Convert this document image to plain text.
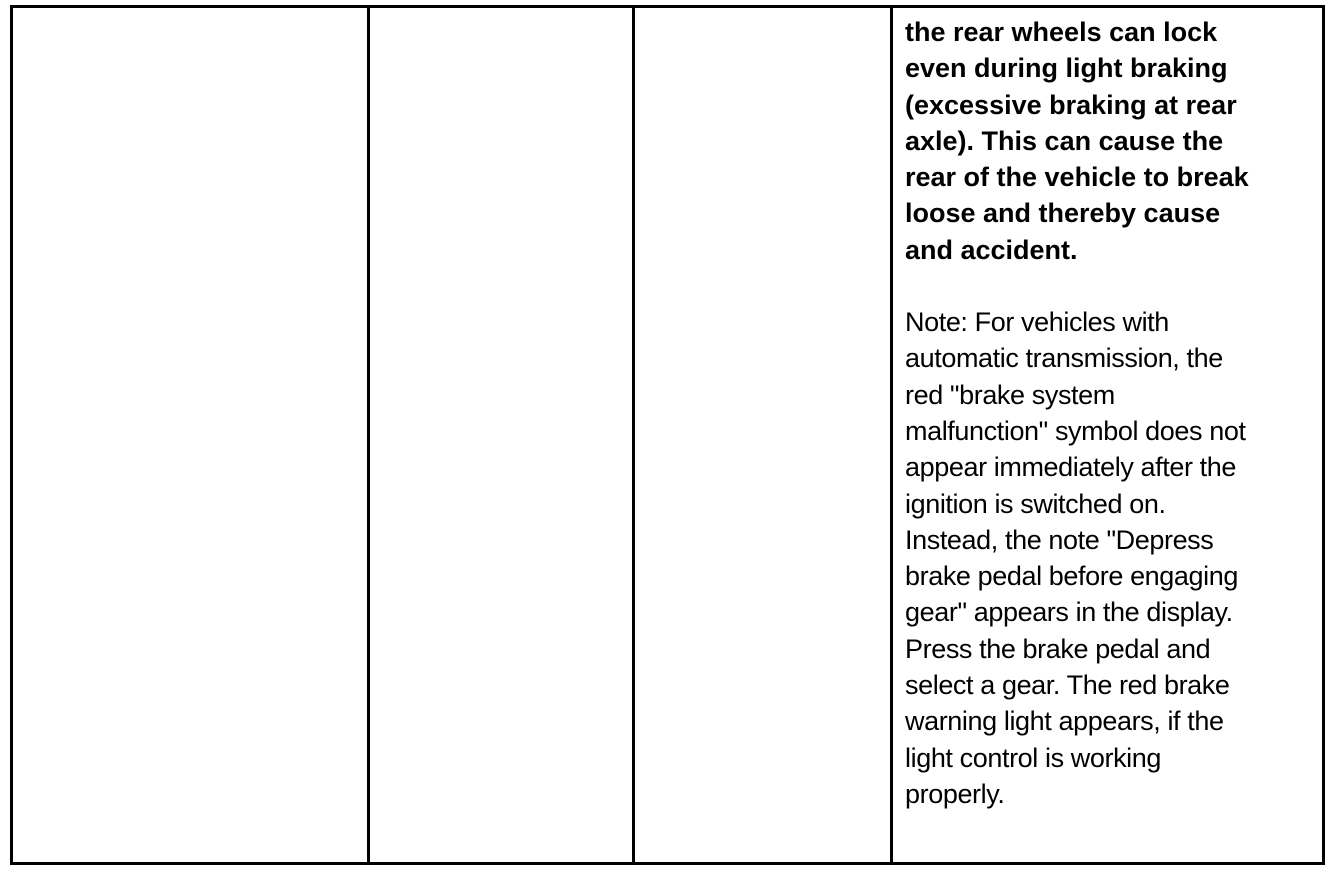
the rear wheels can lock
even during light braking
(excessive braking at rear
axle). This can cause the
rear of the vehicle to break
loose and thereby cause
and accident.

Note: For vehicles with
automatic transmission, the
red "brake system
malfunction" symbol does not
appear immediately after the
ignition is switched on.
Instead, the note "Depress
brake pedal before engaging
gear" appears in the display.
Press the brake pedal and
select a gear. The red brake
warning light appears, if the
light control is working
properly.
